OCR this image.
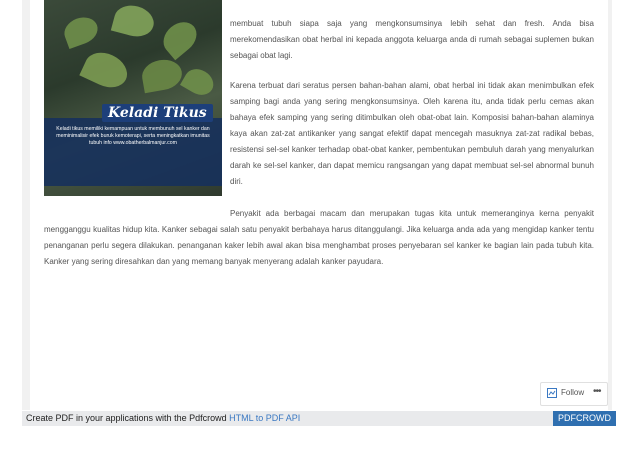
Keladi Tikus
Keladi tikus memiliki kemampuan untuk membunuh sel kanker dan meminimalisir efek buruk kemoterapi, serta meningkatkan imunitas tubuh info www.obatherbalmanjur.com
membuat tubuh siapa saja yang mengkonsumsinya lebih sehat dan fresh. Anda bisa merekomendasikan obat herbal ini kepada anggota keluarga anda di rumah sebagai suplemen bukan sebagai obat lagi.
Karena terbuat dari seratus persen bahan-bahan alami, obat herbal ini tidak akan menimbulkan efek samping bagi anda yang sering mengkonsumsinya. Oleh karena itu, anda tidak perlu cemas akan bahaya efek samping yang sering ditimbulkan oleh obat-obat lain. Komposisi bahan-bahan alaminya kaya akan zat-zat antikanker yang sangat efektif dapat mencegah masuknya zat-zat radikal bebas, resistensi sel-sel kanker terhadap obat-obat kanker, pembentukan pembuluh darah yang menyalurkan darah ke sel-sel kanker, dan dapat memicu rangsangan yang dapat membuat sel-sel abnormal bunuh diri.
Penyakit ada berbagai macam dan merupakan tugas kita untuk memeranginya kerna penyakit mengganggu kualitas hidup kita. Kanker sebagai salah satu penyakit berbahaya harus ditanggulangi. Jika keluarga anda ada yang mengidap kanker tentu penanganan perlu segera dilakukan. penanganan kaker lebih awal akan bisa menghambat proses penyebaran sel kanker ke bagian lain pada tubuh kita. Kanker yang sering diresahkan dan yang memang banyak menyerang adalah kanker payudara.
Follow •••
Create PDF in your applications with the Pdfcrowd HTML to PDF API	PDFCROWD
